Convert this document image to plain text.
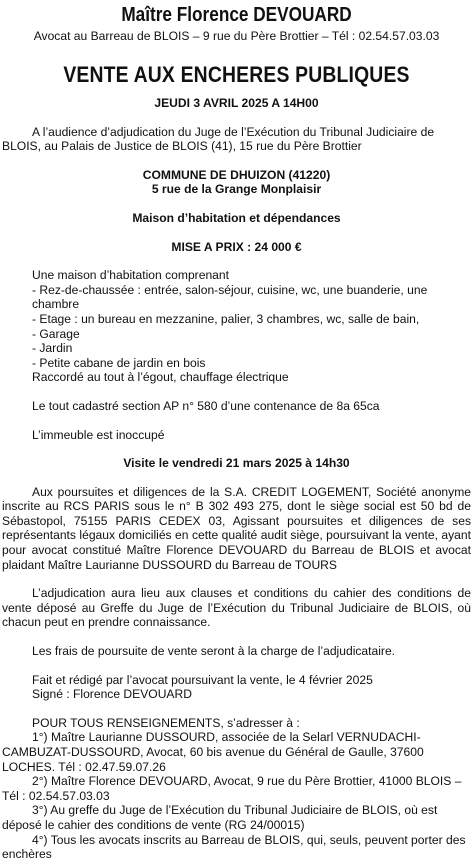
Maître Florence DEVOUARD

Avocat au Barreau de BLOIS – 9 rue du Père Brottier – Tél : 02.54.57.03.03

VENTE AUX ENCHERES PUBLIQUES

JEUDI 3 AVRIL 2025 A 14H00

A l’audience d’adjudication du Juge de l’Exécution du Tribunal Judiciaire de BLOIS, au Palais de Justice de BLOIS (41), 15 rue du Père Brottier

COMMUNE DE DHUIZON (41220)

5 rue de la Grange Monplaisir

Maison d’habitation et dépendances

MISE A PRIX : 24 000 €

Une maison d’habitation comprenant

- Rez-de-chaussée : entrée, salon-séjour, cuisine, wc, une buanderie, une chambre

- Etage : un bureau en mezzanine, palier, 3 chambres, wc, salle de bain,

- Garage

- Jardin

- Petite cabane de jardin en bois

Raccordé au tout à l’égout, chauffage électrique

Le tout cadastré section AP n° 580 d’une contenance de 8a 65ca

L’immeuble est inoccupé

Visite le vendredi 21 mars 2025 à 14h30

Aux poursuites et diligences de la S.A. CREDIT LOGEMENT, Société anonyme inscrite au RCS PARIS sous le n° B 302 493 275, dont le siège social est 50 bd de Sébastopol, 75155 PARIS CEDEX 03, Agissant poursuites et diligences de ses représentants légaux domiciliés en cette qualité audit siège, poursuivant la vente, ayant pour avocat constitué Maître Florence DEVOUARD du Barreau de BLOIS et avocat plaidant Maître Laurianne DUSSOURD du Barreau de TOURS

L’adjudication aura lieu aux clauses et conditions du cahier des conditions de vente déposé au Greffe du Juge de l’Exécution du Tribunal Judiciaire de BLOIS, où chacun peut en prendre connaissance.

Les frais de poursuite de vente seront à la charge de l’adjudicataire.

Fait et rédigé par l’avocat poursuivant la vente, le 4 février 2025

Signé : Florence DEVOUARD

POUR TOUS RENSEIGNEMENTS, s’adresser à :

1°) Maître Laurianne DUSSOURD, associée de la Selarl VERNUDACHI-CAMBUZAT-DUSSOURD, Avocat, 60 bis avenue du Général de Gaulle, 37600 LOCHES. Tél : 02.47.59.07.26

2°) Maître Florence DEVOUARD, Avocat, 9 rue du Père Brottier, 41000 BLOIS – Tél : 02.54.57.03.03

3°) Au greffe du Juge de l’Exécution du Tribunal Judiciaire de BLOIS, où est déposé le cahier des conditions de vente (RG 24/00015)

4°) Tous les avocats inscrits au Barreau de BLOIS, qui, seuls, peuvent porter des enchères
